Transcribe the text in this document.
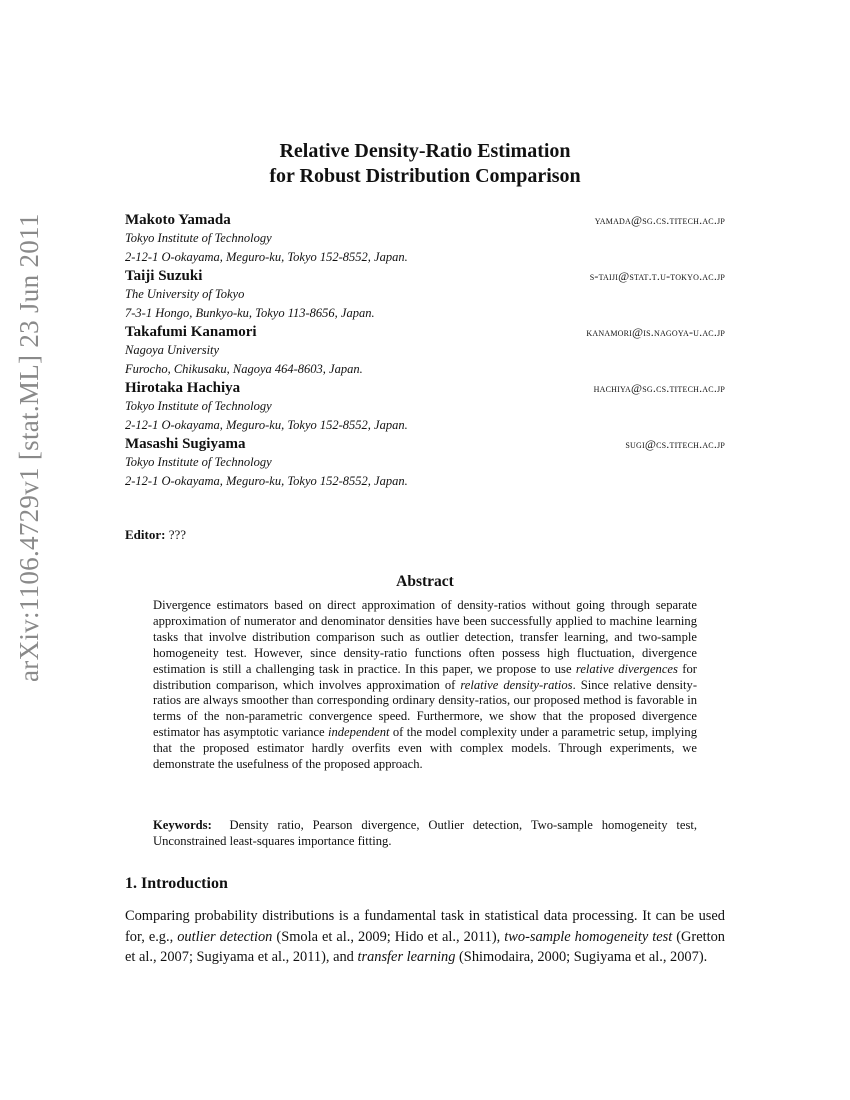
arXiv:1106.4729v1 [stat.ML] 23 Jun 2011
Relative Density-Ratio Estimation
for Robust Distribution Comparison
Makoto Yamada	yamada@sg.cs.titech.ac.jp
Tokyo Institute of Technology
2-12-1 O-okayama, Meguro-ku, Tokyo 152-8552, Japan.
Taiji Suzuki	s-taiji@stat.t.u-tokyo.ac.jp
The University of Tokyo
7-3-1 Hongo, Bunkyo-ku, Tokyo 113-8656, Japan.
Takafumi Kanamori	kanamori@is.nagoya-u.ac.jp
Nagoya University
Furocho, Chikusaku, Nagoya 464-8603, Japan.
Hirotaka Hachiya	hachiya@sg.cs.titech.ac.jp
Tokyo Institute of Technology
2-12-1 O-okayama, Meguro-ku, Tokyo 152-8552, Japan.
Masashi Sugiyama	sugi@cs.titech.ac.jp
Tokyo Institute of Technology
2-12-1 O-okayama, Meguro-ku, Tokyo 152-8552, Japan.
Editor: ???
Abstract

Divergence estimators based on direct approximation of density-ratios without going through separate approximation of numerator and denominator densities have been successfully applied to machine learning tasks that involve distribution comparison such as outlier detection, transfer learning, and two-sample homogeneity test. However, since density-ratio functions often possess high fluctuation, divergence estimation is still a challenging task in practice. In this paper, we propose to use relative divergences for distribution comparison, which involves approximation of relative density-ratios. Since relative density-ratios are always smoother than corresponding ordinary density-ratios, our proposed method is favorable in terms of the non-parametric convergence speed. Furthermore, we show that the proposed divergence estimator has asymptotic variance independent of the model complexity under a parametric setup, implying that the proposed estimator hardly overfits even with complex models. Through experiments, we demonstrate the usefulness of the proposed approach.

Keywords: Density ratio, Pearson divergence, Outlier detection, Two-sample homogeneity test, Unconstrained least-squares importance fitting.
1. Introduction

Comparing probability distributions is a fundamental task in statistical data processing. It can be used for, e.g., outlier detection (Smola et al., 2009; Hido et al., 2011), two-sample homogeneity test (Gretton et al., 2007; Sugiyama et al., 2011), and transfer learning (Shimodaira, 2000; Sugiyama et al., 2007).
